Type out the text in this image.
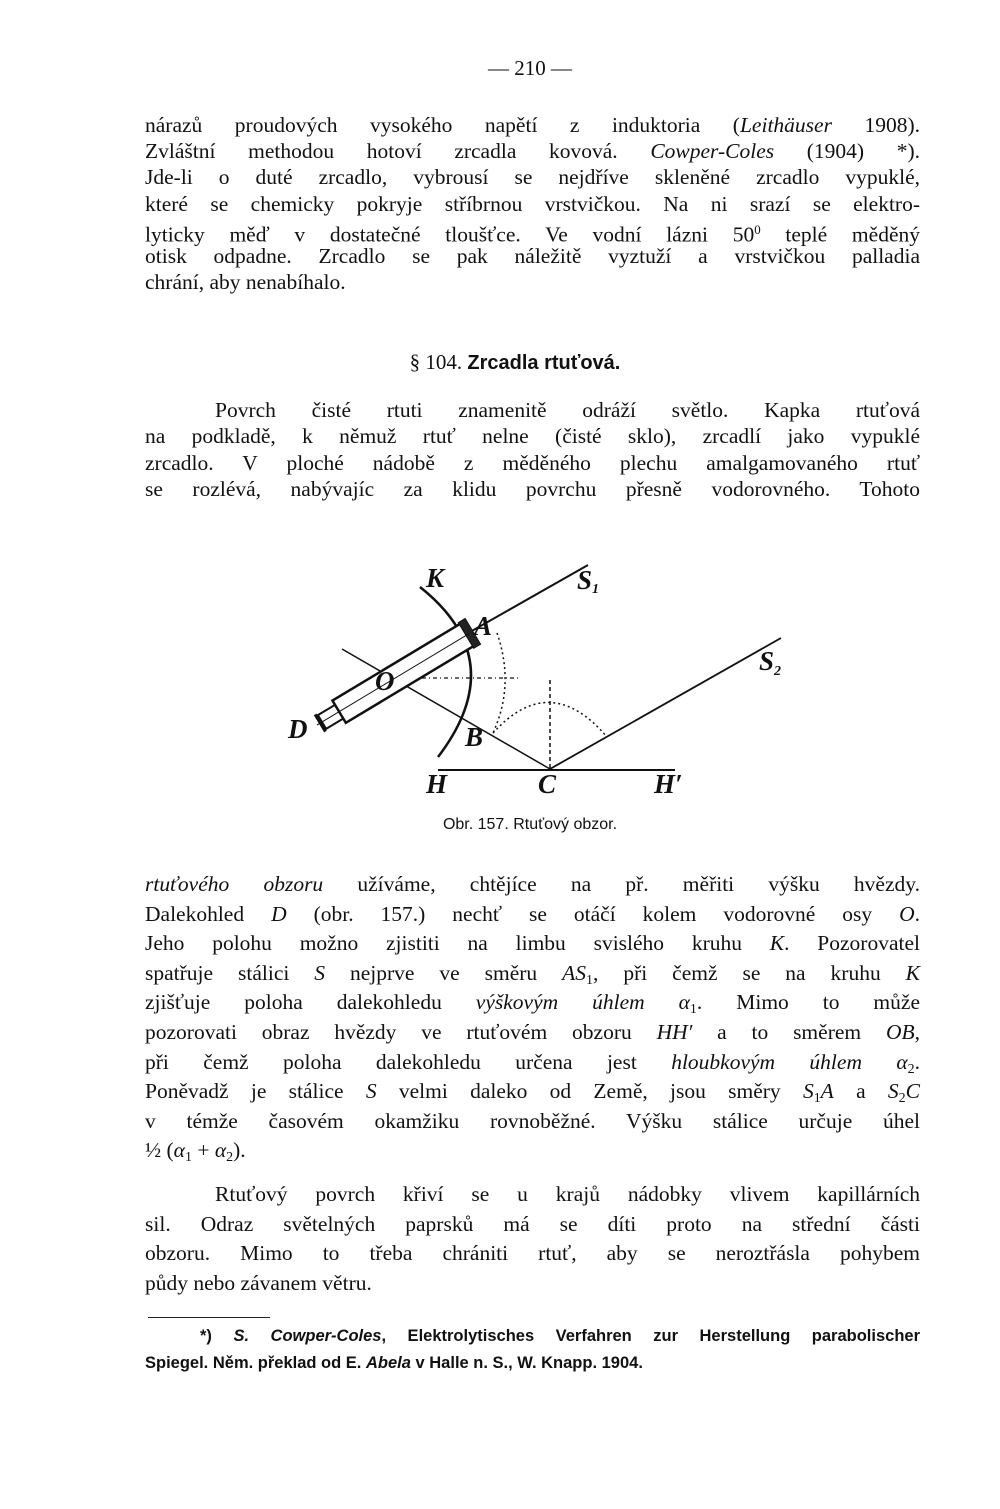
— 210 —
nárazů proudových vysokého napětí z induktoria (Leithäuser 1908).
Zvláštní methodou hotoví zrcadla kovová. Cowper-Coles (1904) *).
Jde-li o duté zrcadlo, vybrousí se nejdříve skleněné zrcadlo vypuklé,
které se chemicky pokryje stříbrnou vrstvičkou. Na ni srazí se elektro-
lyticky měď v dostatečné tloušťce. Ve vodní lázni $50^0$ teplé měděný
otisk odpadne. Zrcadlo se pak náležitě vyztuží a vrstvičkou palladia
chrání, aby nenabíhalo.
§ 104. Zrcadla rtuťová.
Povrch čisté rtuti znamenitě odráží světlo. Kapka rtuťová
na podkladě, k němuž rtuť nelne (čisté sklo), zrcadlí jako vypuklé
zrcadlo. V ploché nádobě z měděného plechu amalgamovaného rtuť
se rozlévá, nabývajíc za klidu povrchu přesně vodorovného. Tohoto
K	S1
A
O
S2
D	B
H	C	H′
Obr. 157. Rtuťový obzor.
rtuťového obzoru užíváme, chtějíce na př. měřiti výšku hvězdy.
Dalekohled D (obr. 157.) nechť se otáčí kolem vodorovné osy O.
Jeho polohu možno zjistiti na limbu svislého kruhu K. Pozorovatel
spatřuje stálici S nejprve ve směru $AS_1$, při čemž se na kruhu K
zjišťuje poloha dalekohledu výškovým úhlem $\alpha_1$. Mimo to může
pozorovati obraz hvězdy ve rtuťovém obzoru HH′ a to směrem OB,
při čemž poloha dalekohledu určena jest hloubkovým úhlem $\alpha_2$.
Poněvadž je stálice S velmi daleko od Země, jsou směry $S_1A$ a $S_2C$
v témže časovém okamžiku rovnoběžné. Výšku stálice určuje úhel
½ $(\alpha_1 + \alpha_2)$.
Rtuťový povrch křiví se u krajů nádobky vlivem kapillárních
sil. Odraz světelných paprsků má se díti proto na střední části
obzoru. Mimo to třeba chrániti rtuť, aby se neroztřásla pohybem
půdy nebo závanem větru.
*) S. Cowper-Coles, Elektrolytisches Verfahren zur Herstellung parabolischer
Spiegel. Něm. překlad od E. Abela v Halle n. S., W. Knapp. 1904.
